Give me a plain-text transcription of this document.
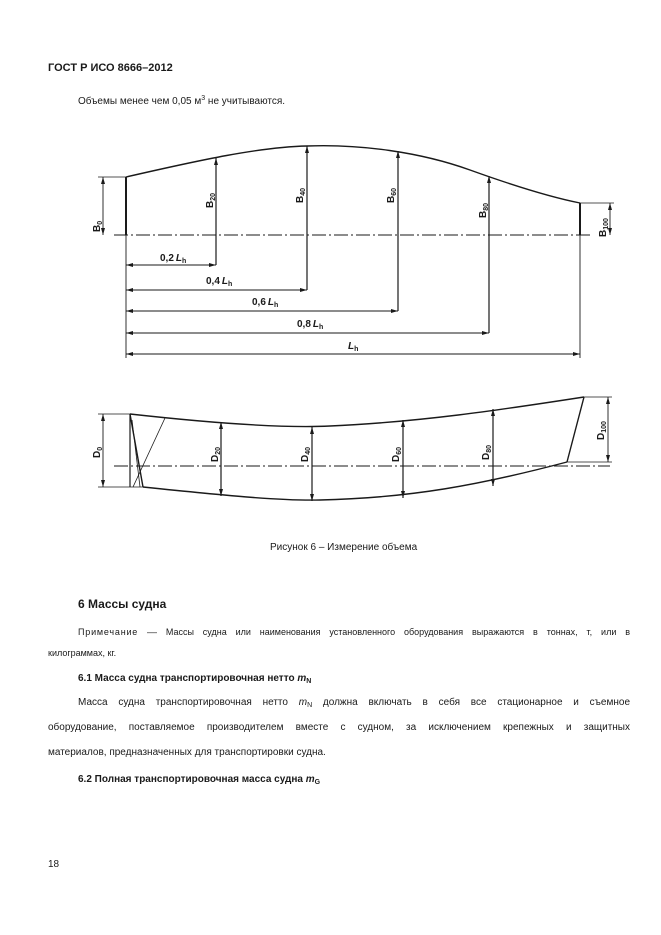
ГОСТ Р ИСО 8666–2012
Объемы менее чем 0,05 $м^3$ не учитываются.
$B_0$
$B_{20}$	$B_{40}$
$B_{60}$
$B_{80}$
$B_{100}$
0,2 $L_h$
0,4 $L_h$
0,6 $L_h$
0,8 $L_h$
$L_h$
$D_0$
$D_{20}$
$D_{40}$
$D_{60}$
$D_{80}$
$D_{100}$
Рисунок 6 – Измерение объема
6 Массы судна
Примечание –– Массы судна или наименования установленного оборудования выражаются в тоннах, т, или в
килограммах, кг.
6.1 Масса судна транспортировочная нетто $m_N$
Масса судна транспортировочная нетто $m_N$ должна включать в себя все стационарное и съемное
оборудование, поставляемое производителем вместе с судном, за исключением крепежных и защитных
материалов, предназначенных для транспортировки судна.
6.2 Полная транспортировочная масса судна $m_G$
18
